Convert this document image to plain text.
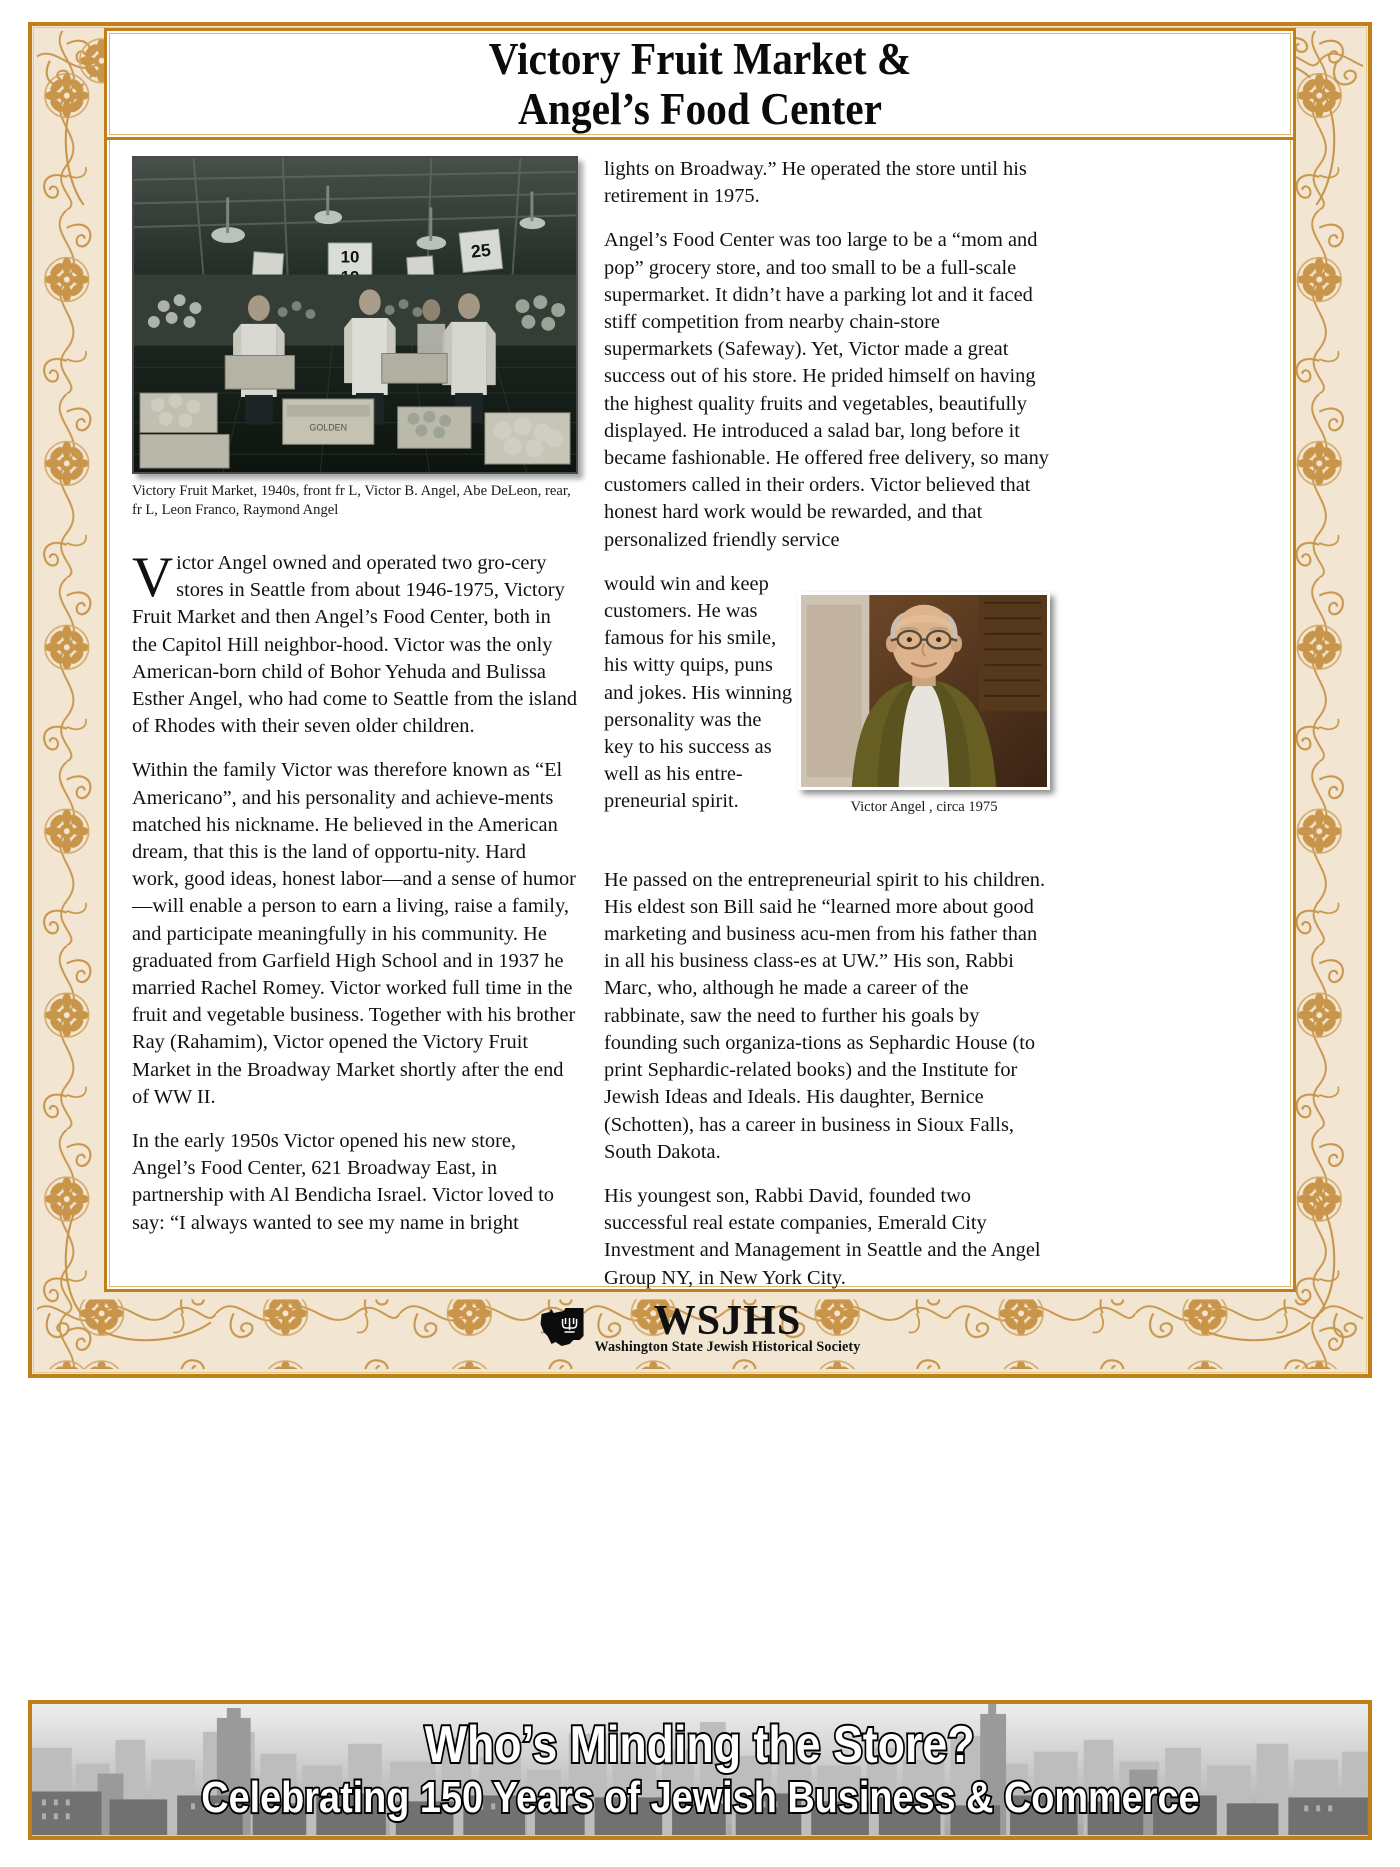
Victory Fruit Market &
Angel’s Food Center
10	25
GOLDEN
Victory Fruit Market, 1940s, front fr L, Victor B. Angel, Abe DeLeon, rear, fr L, Leon Franco, Raymond Angel

Victor Angel owned and operated two gro-cery stores in Seattle from about 1946-1975, Victory Fruit Market and then Angel’s Food Center, both in the Capitol Hill neighbor-hood. Victor was the only American-born child of Bohor Yehuda and Bulissa Esther Angel, who had come to Seattle from the island of Rhodes with their seven older children.

Within the family Victor was therefore known as “El Americano”, and his personality and achieve-ments matched his nickname. He believed in the American dream, that this is the land of opportu-nity. Hard work, good ideas, honest labor—and a sense of humor—will enable a person to earn a living, raise a family, and participate meaningfully in his community. He graduated from Garfield High School and in 1937 he married Rachel Romey. Victor worked full time in the fruit and vegetable business. Together with his brother Ray (Rahamim), Victor opened the Victory Fruit Market in the Broadway Market shortly after the end of WW II.

In the early 1950s Victor opened his new store, Angel’s Food Center, 621 Broadway East, in partnership with Al Bendicha Israel. Victor loved to say: “I always wanted to see my name in bright

lights on Broadway.” He operated the store until his retirement in 1975.

Angel’s Food Center was too large to be a “mom and pop” grocery store, and too small to be a full-scale supermarket. It didn’t have a parking lot and it faced stiff competition from nearby chain-store supermarkets (Safeway). Yet, Victor made a great success out of his store. He prided himself on having the highest quality fruits and vegetables, beautifully displayed. He introduced a salad bar, long before it became fashionable. He offered free delivery, so many customers called in their orders. Victor believed that honest hard work would be rewarded, and that personalized friendly service

would win and keep customers. He was famous for his smile, his witty quips, puns and jokes. His winning personality was the key to his success as well as his entre-preneurial spirit.	Victor Angel , circa 1975

He passed on the entrepreneurial spirit to his children. His eldest son Bill said he “learned more about good marketing and business acu-men from his father than in all his business class-es at UW.” His son, Rabbi Marc, who, although he made a career of the rabbinate, saw the need to further his goals by founding such organiza-tions as Sephardic House (to print Sephardic-related books) and the Institute for Jewish Ideas and Ideals. His daughter, Bernice (Schotten), has a career in business in Sioux Falls, South Dakota.

His youngest son, Rabbi David, founded two successful real estate companies, Emerald City Investment and Management in Seattle and the Angel Group NY, in New York City.

WSJHS
Washington State Jewish Historical Society
Who’s Minding the Store?
Celebrating 150 Years of Jewish Business & Commerce
